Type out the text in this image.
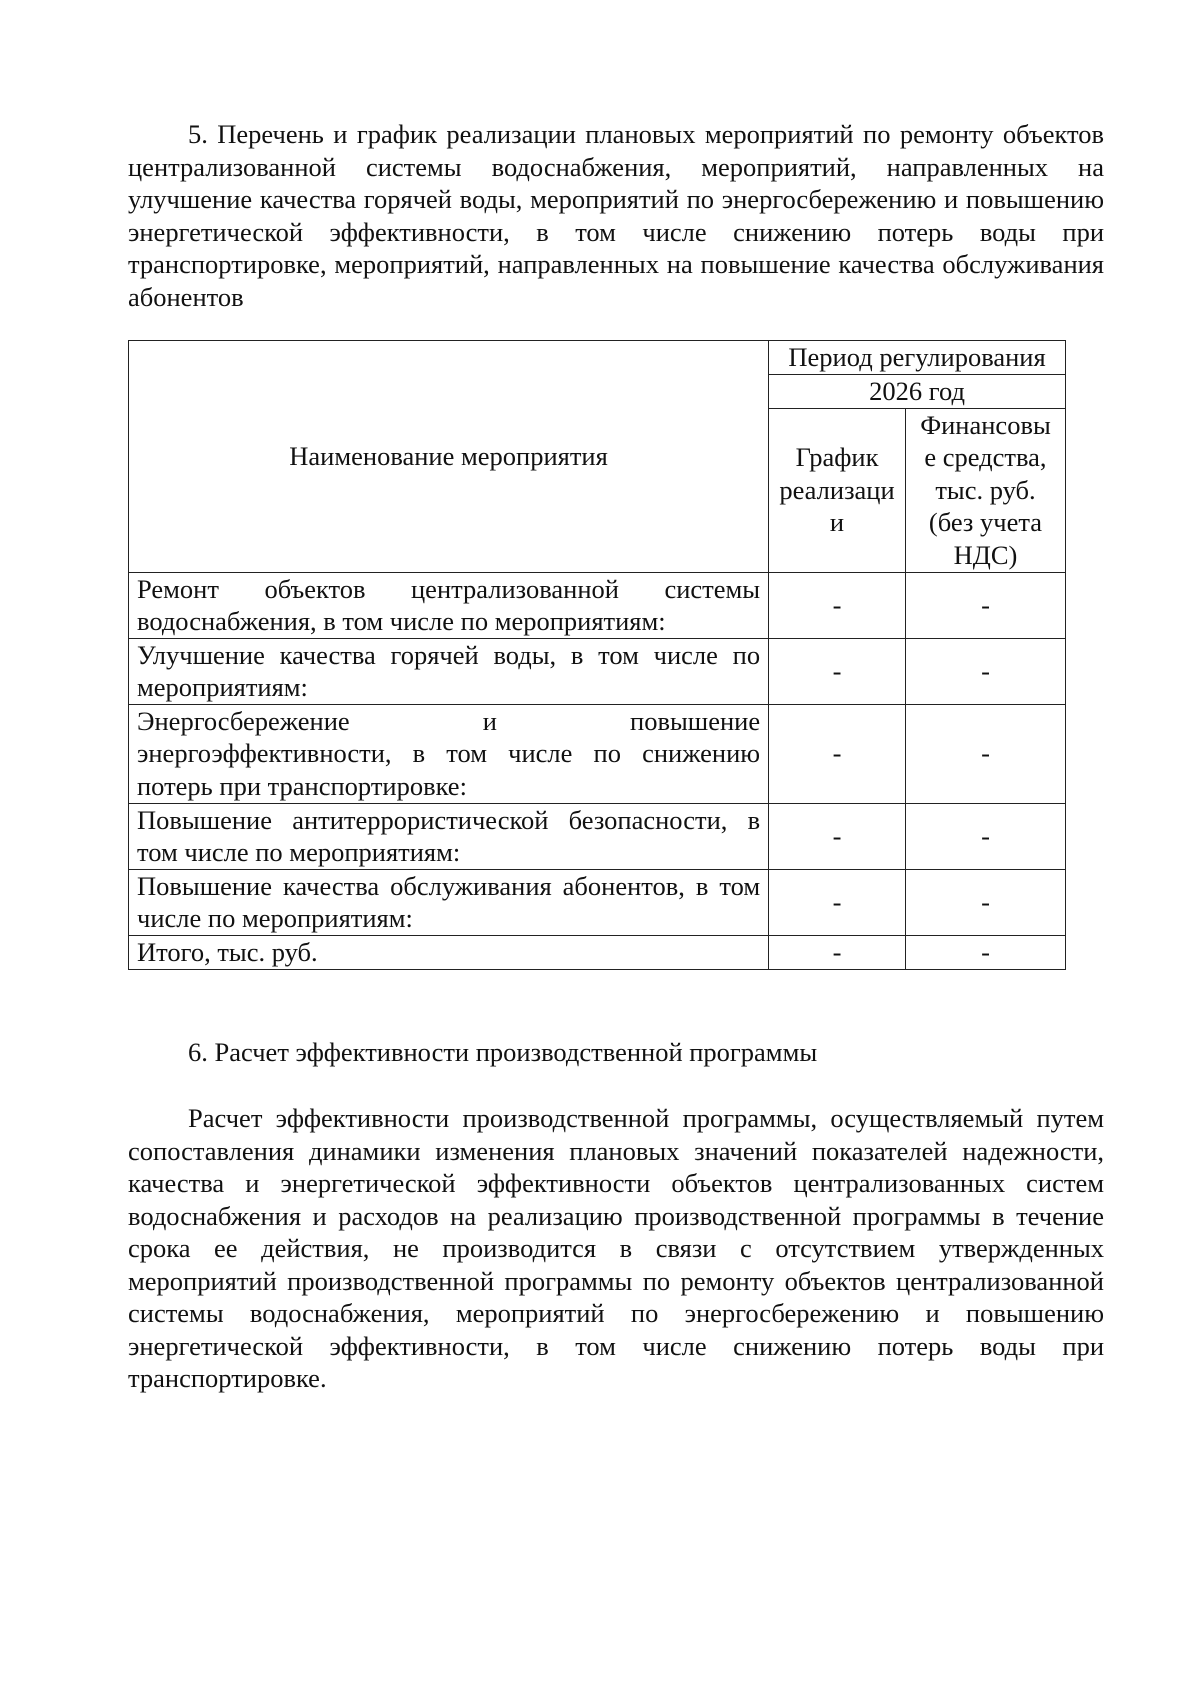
5. Перечень и график реализации плановых мероприятий по ремонту объектов централизованной системы водоснабжения, мероприятий, направленных на улучшение качества горячей воды, мероприятий по энергосбережению и повышению энергетической эффективности, в том числе снижению потерь воды при транспортировке, мероприятий, направленных на повышение качества обслуживания абонентов

Наименование мероприятия	Период регулирования	
	2026 год	
	График реализаци и	Финансовы е средства, тыс. руб. (без учета НДС)
Ремонт объектов централизованной системы водоснабжения, в том числе по мероприятиям:	-	-
Улучшение качества горячей воды, в том числе по мероприятиям:	-	-
Энергосбережение и повышение энергоэффективности, в том числе по снижению потерь при транспортировке:	-	-
Повышение антитеррористической безопасности, в том числе по мероприятиям:	-	-
Повышение качества обслуживания абонентов, в том числе по мероприятиям:	-	-
Итого, тыс. руб.	-	-

6. Расчет эффективности производственной программы

Расчет эффективности производственной программы, осуществляемый путем сопоставления динамики изменения плановых значений показателей надежности, качества и энергетической эффективности объектов централизованных систем водоснабжения и расходов на реализацию производственной программы в течение срока ее действия, не производится в связи с отсутствием утвержденных мероприятий производственной программы по ремонту объектов централизованной системы водоснабжения, мероприятий по энергосбережению и повышению энергетической эффективности, в том числе снижению потерь воды при транспортировке.
